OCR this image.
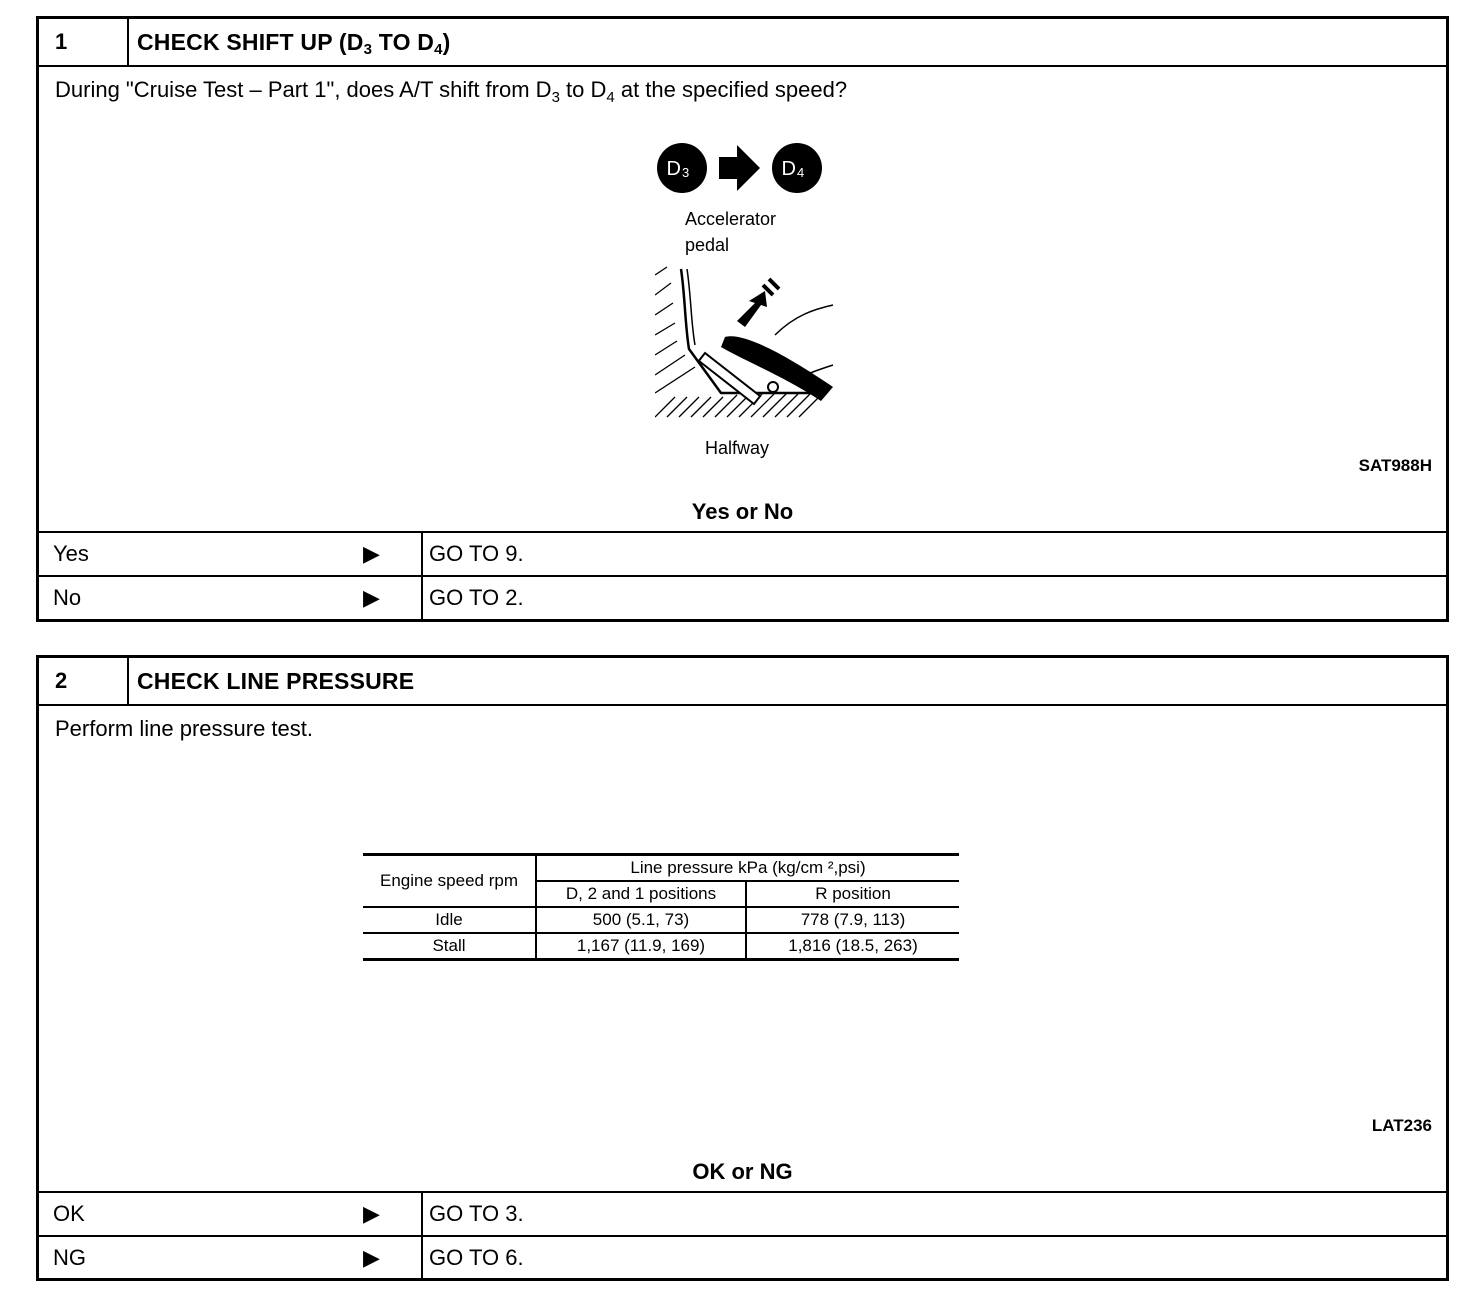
1	CHECK SHIFT UP ($D_3$ TO $D_4$)
During "Cruise Test – Part 1", does A/T shift from $D_3$ to $D_4$ at the specified speed?
D 3	D 4
Accelerator
pedal
Halfway
SAT988H
Yes or No
Yes	▶ GO TO 9.
No	▶ GO TO 2.
2	CHECK LINE PRESSURE
Perform line pressure test.
Engine speed rpm	Line pressure kPa (kg/cm ²,psi)	
	D, 2 and 1 positions	R position
Idle	500 (5.1, 73)	778 (7.9, 113)
Stall	1,167 (11.9, 169)	1,816 (18.5, 263)
LAT236
OK or NG
OK	▶ GO TO 3.
NG	▶ GO TO 6.
